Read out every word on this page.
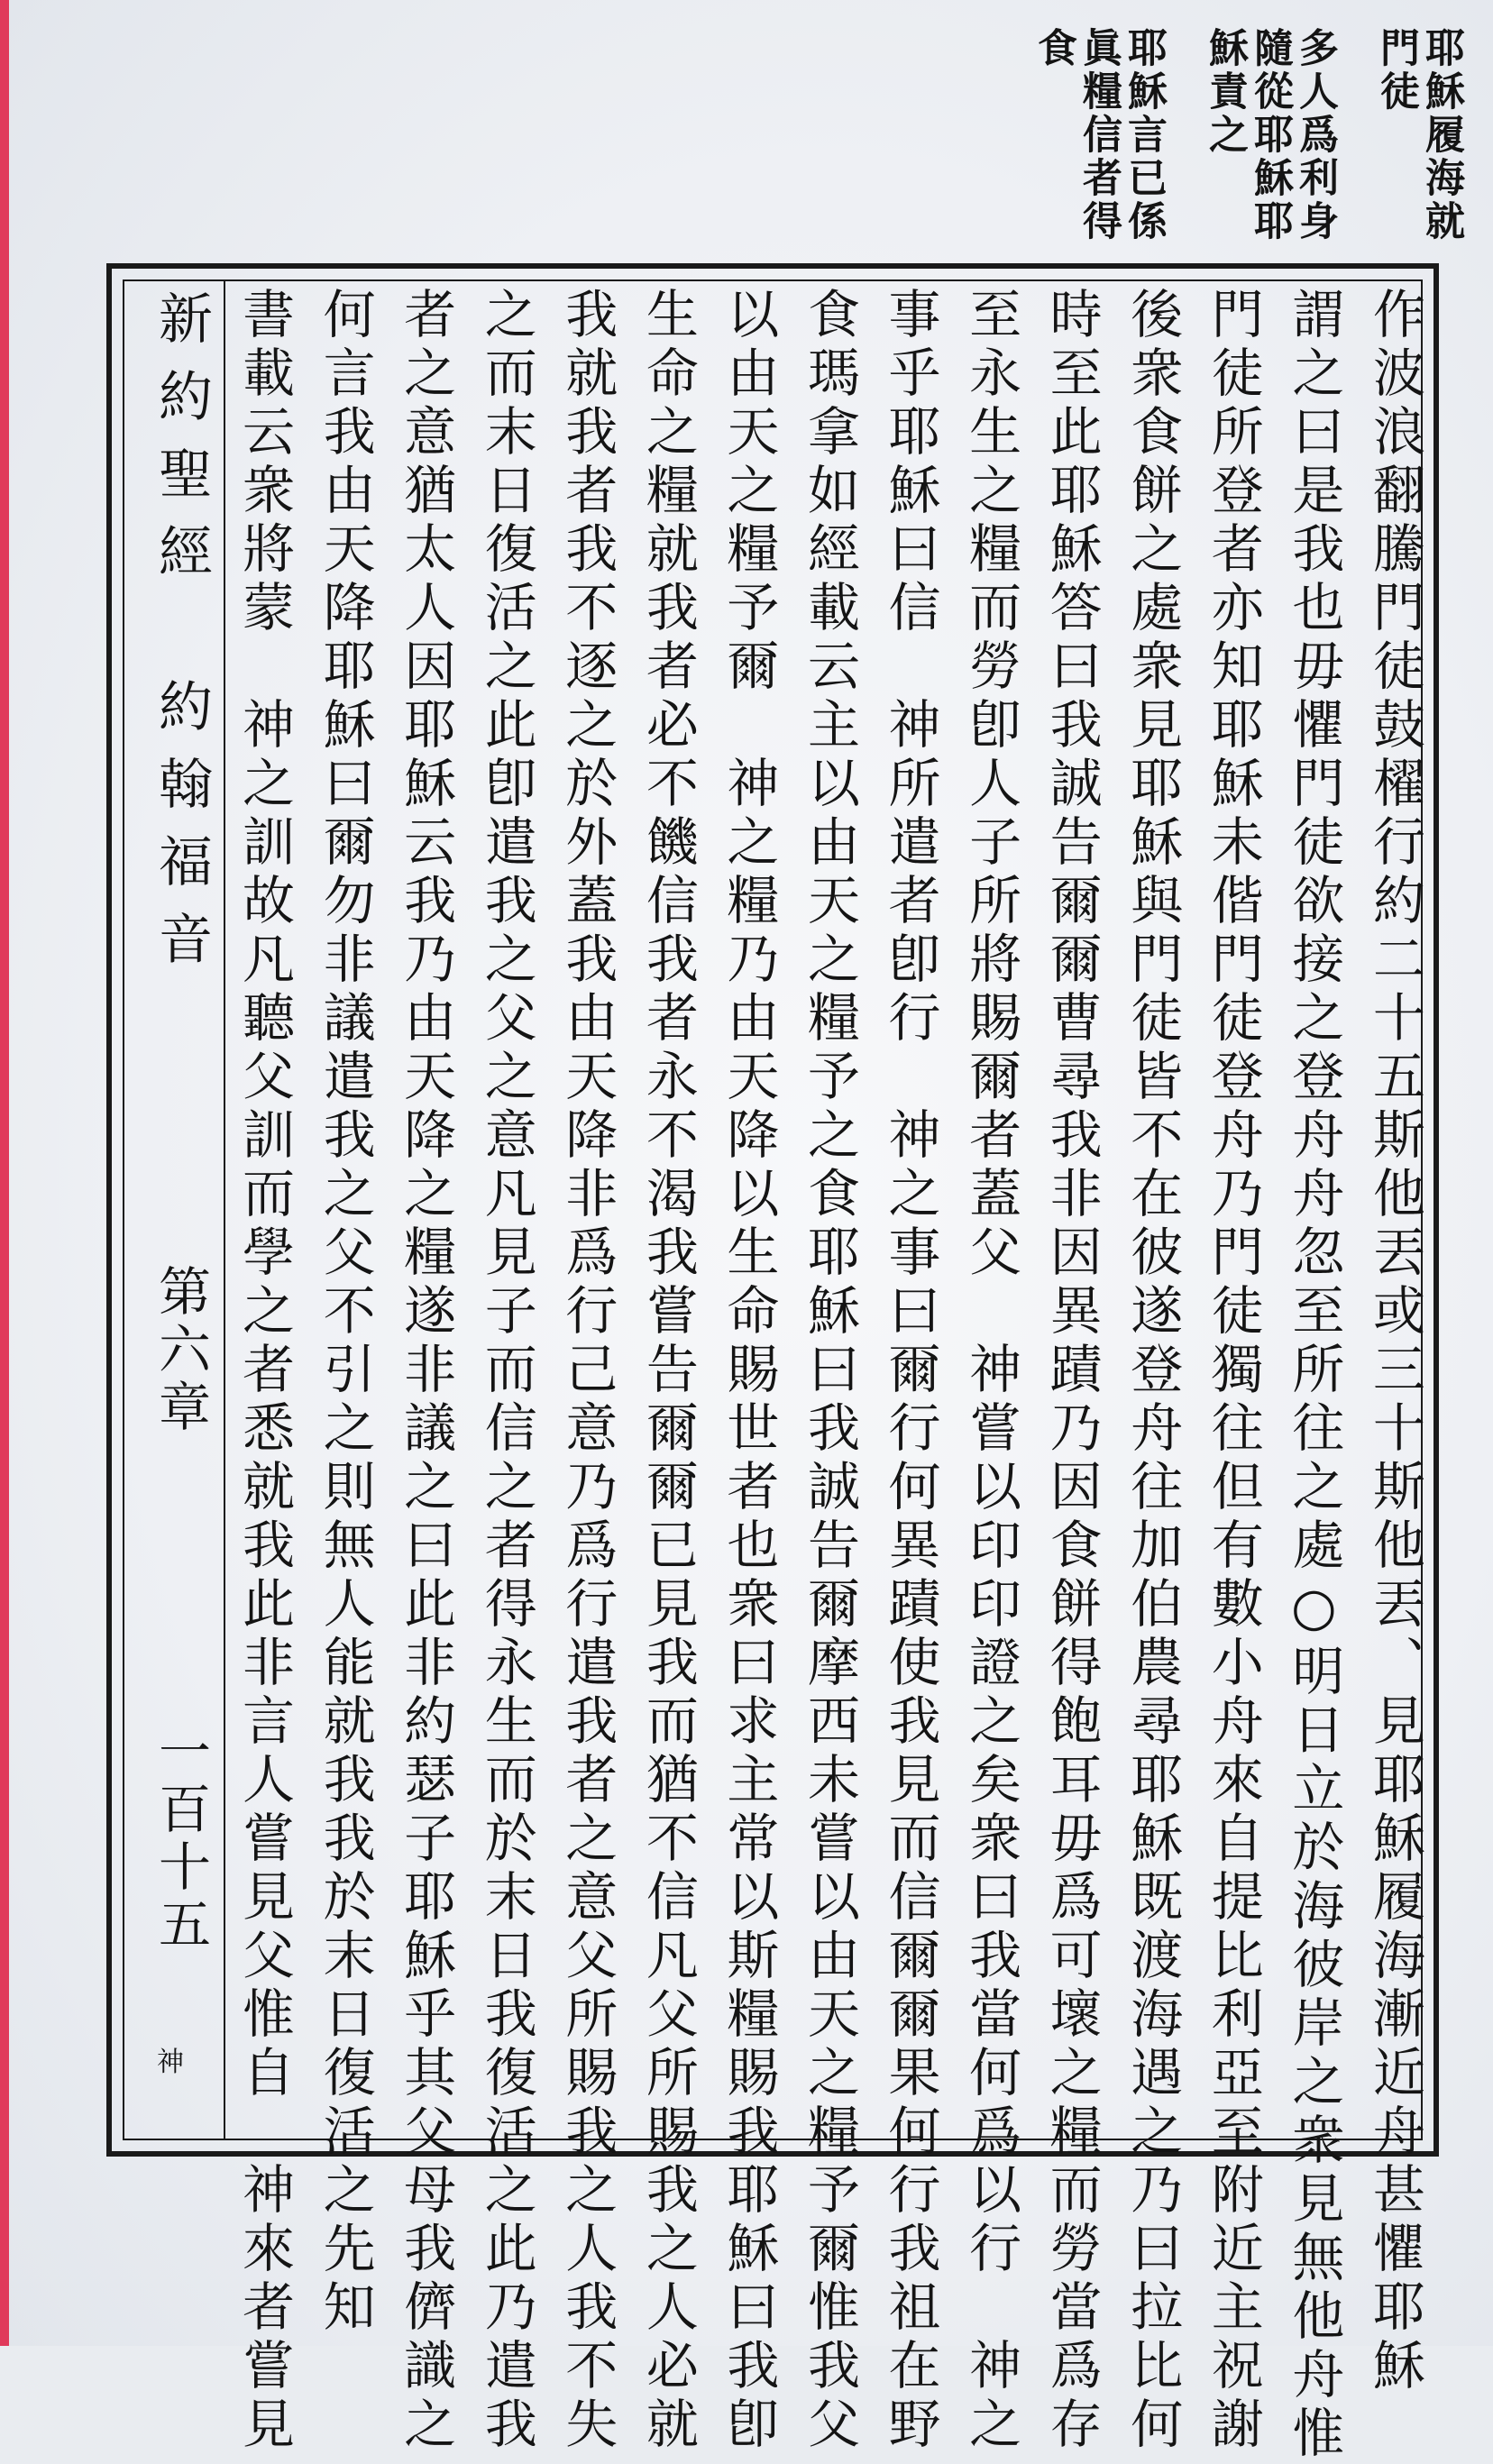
耶穌履海就
門徒
多人爲利身
隨從耶穌耶
穌責之
耶穌言已係
眞糧信者得
食
新約聖經　約翰福音
第六章
一百十五
神	作波浪翻騰門徒鼓櫂行約二十五斯他丟或三十斯他丟、見耶穌履海漸近舟甚懼耶穌
謂之曰是我也毋懼門徒欲接之登舟舟忽至所往之處○明日立於海彼岸之衆見無他舟惟
門徒所登者亦知耶穌未偕門徒登舟乃門徒獨往但有數小舟來自提比利亞至附近主祝謝
後衆食餅之處衆見耶穌與門徒皆不在彼遂登舟往加伯農尋耶穌既渡海遇之乃曰拉比何
時至此耶穌答曰我誠告爾爾曹尋我非因異蹟乃因食餅得飽耳毋爲可壞之糧而勞當爲存
至永生之糧而勞卽人子所將賜爾者蓋父　神嘗以印印證之矣衆曰我當何爲以行　神之
事乎耶穌曰信　神所遣者卽行　神之事曰爾行何異蹟使我見而信爾爾果何行我祖在野
食瑪拿如經載云主以由天之糧予之食耶穌曰我誠告爾摩西未嘗以由天之糧予爾惟我父
以由天之糧予爾　神之糧乃由天降以生命賜世者也衆曰求主常以斯糧賜我耶穌曰我卽
生命之糧就我者必不饑信我者永不渴我嘗告爾爾已見我而猶不信凡父所賜我之人必就
我就我者我不逐之於外蓋我由天降非爲行己意乃爲行遣我者之意父所賜我之人我不失
之而末日復活之此卽遣我之父之意凡見子而信之者得永生而於末日我復活之此乃遣我
者之意猶太人因耶穌云我乃由天降之糧遂非議之曰此非約瑟子耶穌乎其父母我儕識之
何言我由天降耶穌曰爾勿非議遣我之父不引之則無人能就我我於末日復活之先知
書載云衆將蒙　神之訓故凡聽父訓而學之者悉就我此非言人嘗見父惟自　神來者嘗見
